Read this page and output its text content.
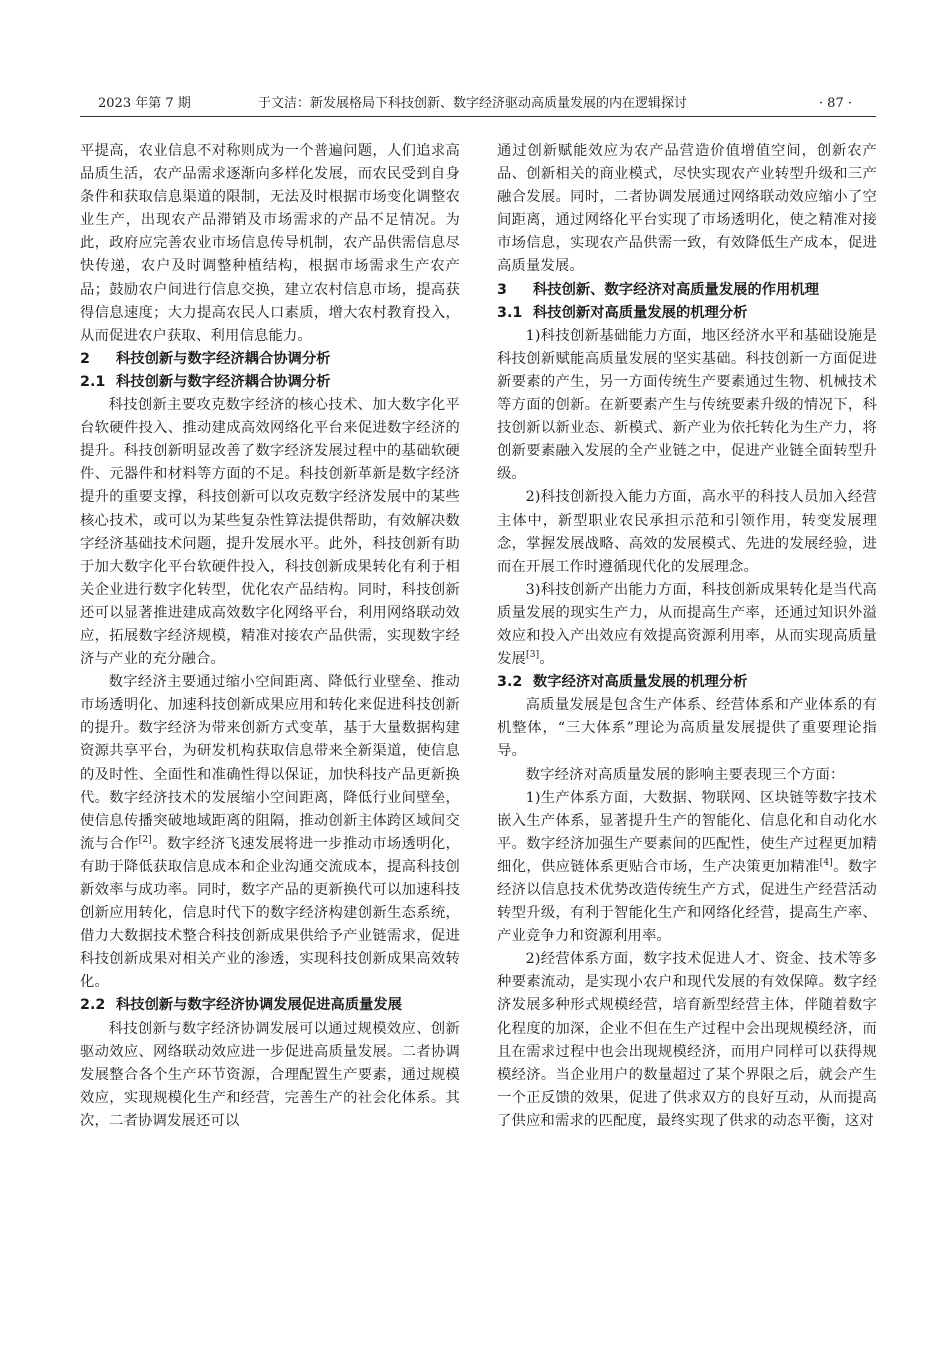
2023 年第 7 期	于文洁：新发展格局下科技创新、数字经济驱动高质量发展的内在逻辑探讨	· 87 ·

平提高，农业信息不对称则成为一个普遍问题，人们追求高品质生活，农产品需求逐渐向多样化发展，而农民受到自身条件和获取信息渠道的限制，无法及时根据市场变化调整农业生产，出现农产品滞销及市场需求的产品不足情况。为此，政府应完善农业市场信息传导机制，农产品供需信息尽快传递，农户及时调整种植结构，根据市场需求生产农产品；鼓励农户间进行信息交换，建立农村信息市场，提高获得信息速度；大力提高农民人口素质，增大农村教育投入，从而促进农户获取、利用信息能力。

2 科技创新与数字经济耦合协调分析
2.1 科技创新与数字经济耦合协调分析

科技创新主要攻克数字经济的核心技术、加大数字化平台软硬件投入、推动建成高效网络化平台来促进数字经济的提升。科技创新明显改善了数字经济发展过程中的基础软硬件、元器件和材料等方面的不足。科技创新革新是数字经济提升的重要支撑，科技创新可以攻克数字经济发展中的某些核心技术，或可以为某些复杂性算法提供帮助，有效解决数字经济基础技术问题，提升发展水平。此外，科技创新有助于加大数字化平台软硬件投入，科技创新成果转化有利于相关企业进行数字化转型，优化农产品结构。同时，科技创新还可以显著推进建成高效数字化网络平台，利用网络联动效应，拓展数字经济规模，精准对接农产品供需，实现数字经济与产业的充分融合。

数字经济主要通过缩小空间距离、降低行业壁垒、推动市场透明化、加速科技创新成果应用和转化来促进科技创新的提升。数字经济为带来创新方式变革，基于大量数据构建资源共享平台，为研发机构获取信息带来全新渠道，使信息的及时性、全面性和准确性得以保证，加快科技产品更新换代。数字经济技术的发展缩小空间距离，降低行业间壁垒，使信息传播突破地域距离的阻隔，推动创新主体跨区域间交流与合作[2]。数字经济飞速发展将进一步推动市场透明化，有助于降低获取信息成本和企业沟通交流成本，提高科技创新效率与成功率。同时，数字产品的更新换代可以加速科技创新应用转化，信息时代下的数字经济构建创新生态系统，借力大数据技术整合科技创新成果供给予产业链需求，促进科技创新成果对相关产业的渗透，实现科技创新成果高效转化。

2.2 科技创新与数字经济协调发展促进高质量发展

科技创新与数字经济协调发展可以通过规模效应、创新驱动效应、网络联动效应进一步促进高质量发展。二者协调发展整合各个生产环节资源，合理配置生产要素，通过规模效应，实现规模化生产和经营，完善生产的社会化体系。其次，二者协调发展还可以

通过创新赋能效应为农产品营造价值增值空间，创新农产品、创新相关的商业模式，尽快实现农产业转型升级和三产融合发展。同时，二者协调发展通过网络联动效应缩小了空间距离，通过网络化平台实现了市场透明化，使之精准对接市场信息，实现农产品供需一致，有效降低生产成本，促进高质量发展。

3 科技创新、数字经济对高质量发展的作用机理
3.1 科技创新对高质量发展的机理分析

1)科技创新基础能力方面，地区经济水平和基础设施是科技创新赋能高质量发展的坚实基础。科技创新一方面促进新要素的产生，另一方面传统生产要素通过生物、机械技术等方面的创新。在新要素产生与传统要素升级的情况下，科技创新以新业态、新模式、新产业为依托转化为生产力，将创新要素融入发展的全产业链之中，促进产业链全面转型升级。

2)科技创新投入能力方面，高水平的科技人员加入经营主体中，新型职业农民承担示范和引领作用，转变发展理念，掌握发展战略、高效的发展模式、先进的发展经验，进而在开展工作时遵循现代化的发展理念。

3)科技创新产出能力方面，科技创新成果转化是当代高质量发展的现实生产力，从而提高生产率，还通过知识外溢效应和投入产出效应有效提高资源利用率，从而实现高质量发展[3]。

3.2 数字经济对高质量发展的机理分析

高质量发展是包含生产体系、经营体系和产业体系的有机整体，“三大体系”理论为高质量发展提供了重要理论指导。

数字经济对高质量发展的影响主要表现三个方面：

1)生产体系方面，大数据、物联网、区块链等数字技术嵌入生产体系，显著提升生产的智能化、信息化和自动化水平。数字经济加强生产要素间的匹配性，使生产过程更加精细化，供应链体系更贴合市场，生产决策更加精准[4]。数字经济以信息技术优势改造传统生产方式，促进生产经营活动转型升级，有利于智能化生产和网络化经营，提高生产率、产业竞争力和资源利用率。

2)经营体系方面，数字技术促进人才、资金、技术等多种要素流动，是实现小农户和现代发展的有效保障。数字经济发展多种形式规模经营，培育新型经营主体，伴随着数字化程度的加深，企业不但在生产过程中会出现规模经济，而且在需求过程中也会出现规模经济，而用户同样可以获得规模经济。当企业用户的数量超过了某个界限之后，就会产生一个正反馈的效果，促进了供求双方的良好互动，从而提高了供应和需求的匹配度，最终实现了供求的动态平衡，这对
